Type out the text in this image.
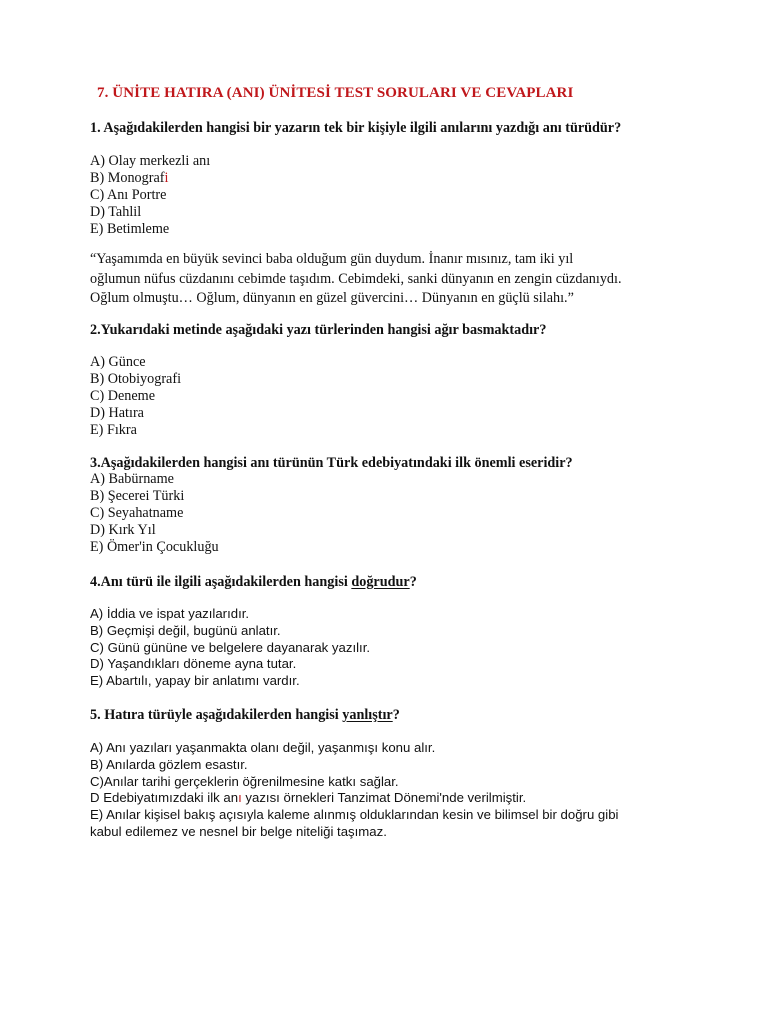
7. ÜNİTE HATIRA (ANI) ÜNİTESİ TEST SORULARI VE CEVAPLARI
1. Aşağıdakilerden hangisi bir yazarın tek bir kişiyle ilgili anılarını yazdığı anı türüdür?
A) Olay merkezli anı
B) Monografi
C) Anı Portre
D) Tahlil
E) Betimleme
“Yaşamımda en büyük sevinci baba olduğum gün duydum. İnanır mısınız, tam iki yıl
oğlumun nüfus cüzdanını cebimde taşıdım. Cebimdeki, sanki dünyanın en zengin cüzdanıydı.
Oğlum olmuştu… Oğlum, dünyanın en güzel güvercini… Dünyanın en güçlü silahı.”
2.Yukarıdaki metinde aşağıdaki yazı türlerinden hangisi ağır basmaktadır?
A) Günce
B) Otobiyografi
C) Deneme
D) Hatıra
E) Fıkra
3.Aşağıdakilerden hangisi anı türünün Türk edebiyatındaki ilk önemli eseridir?
A) Babürname
B) Şecerei Türki
C) Seyahatname
D) Kırk Yıl
E) Ömer'in Çocukluğu
4.Anı türü ile ilgili aşağıdakilerden hangisi doğrudur?
A) İddia ve ispat yazılarıdır.
B) Geçmişi değil, bugünü anlatır.
C) Günü gününe ve belgelere dayanarak yazılır.
D) Yaşandıkları döneme ayna tutar.
E) Abartılı, yapay bir anlatımı vardır.
5. Hatıra türüyle aşağıdakilerden hangisi yanlıştır?
A) Anı yazıları yaşanmakta olanı değil, yaşanmışı konu alır.
B) Anılarda gözlem esastır.
C)Anılar tarihi gerçeklerin öğrenilmesine katkı sağlar.
D Edebiyatımızdaki ilk anı yazısı örnekleri Tanzimat Dönemi'nde verilmiştir.
E) Anılar kişisel bakış açısıyla kaleme alınmış olduklarından kesin ve bilimsel bir doğru gibi
kabul edilemez ve nesnel bir belge niteliği taşımaz.
